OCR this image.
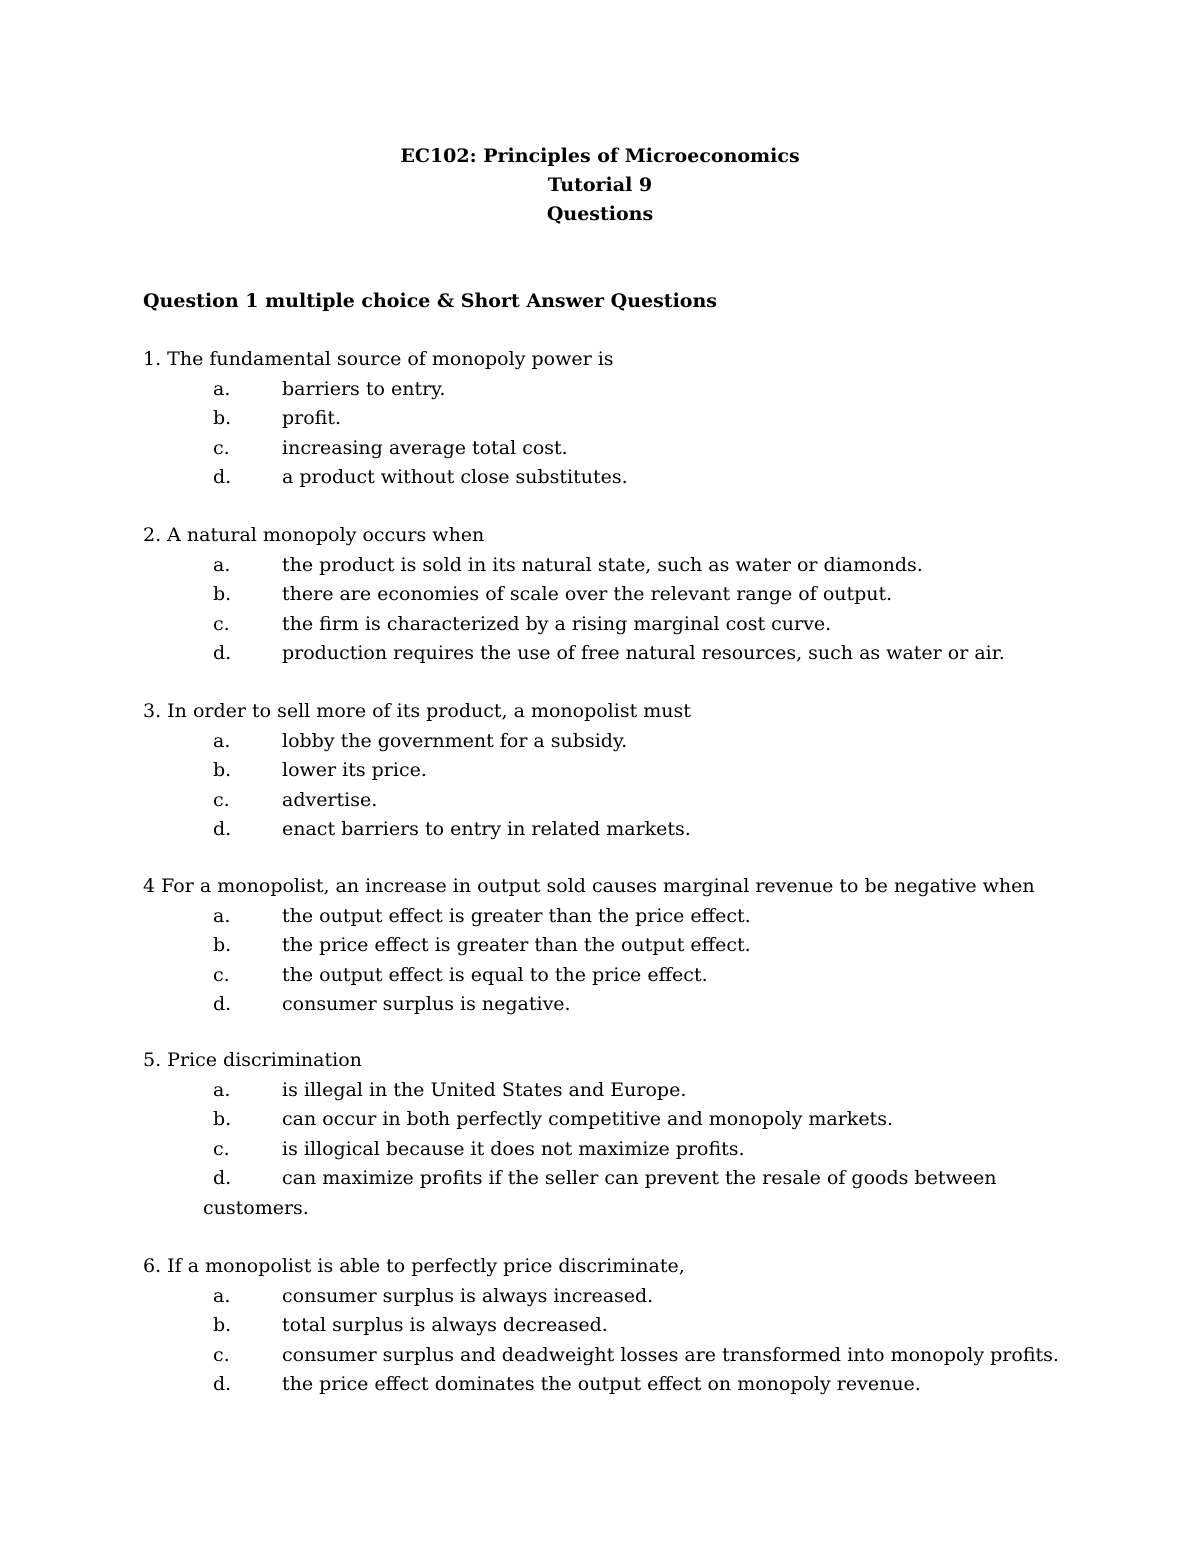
EC102: Principles of Microeconomics
Tutorial 9
Questions
Question 1 multiple choice & Short Answer Questions
1. The fundamental source of monopoly power is
a.	barriers to entry.
b.	profit.
c.	increasing average total cost.
d.	a product without close substitutes.
2. A natural monopoly occurs when
a.	the product is sold in its natural state, such as water or diamonds.
b.	there are economies of scale over the relevant range of output.
c.	the firm is characterized by a rising marginal cost curve.
d.	production requires the use of free natural resources, such as water or air.
3. In order to sell more of its product, a monopolist must
a.	lobby the government for a subsidy.
b.	lower its price.
c.	advertise.
d.	enact barriers to entry in related markets.
4 For a monopolist, an increase in output sold causes marginal revenue to be negative when
a.	the output effect is greater than the price effect.
b.	the price effect is greater than the output effect.
c.	the output effect is equal to the price effect.
d.	consumer surplus is negative.
5. Price discrimination
a.	is illegal in the United States and Europe.
b.	can occur in both perfectly competitive and monopoly markets.
c.	is illogical because it does not maximize profits.
d.	can maximize profits if the seller can prevent the resale of goods between
customers.
6. If a monopolist is able to perfectly price discriminate,
a.	consumer surplus is always increased.
b.	total surplus is always decreased.
c.	consumer surplus and deadweight losses are transformed into monopoly profits.
d.	the price effect dominates the output effect on monopoly revenue.
